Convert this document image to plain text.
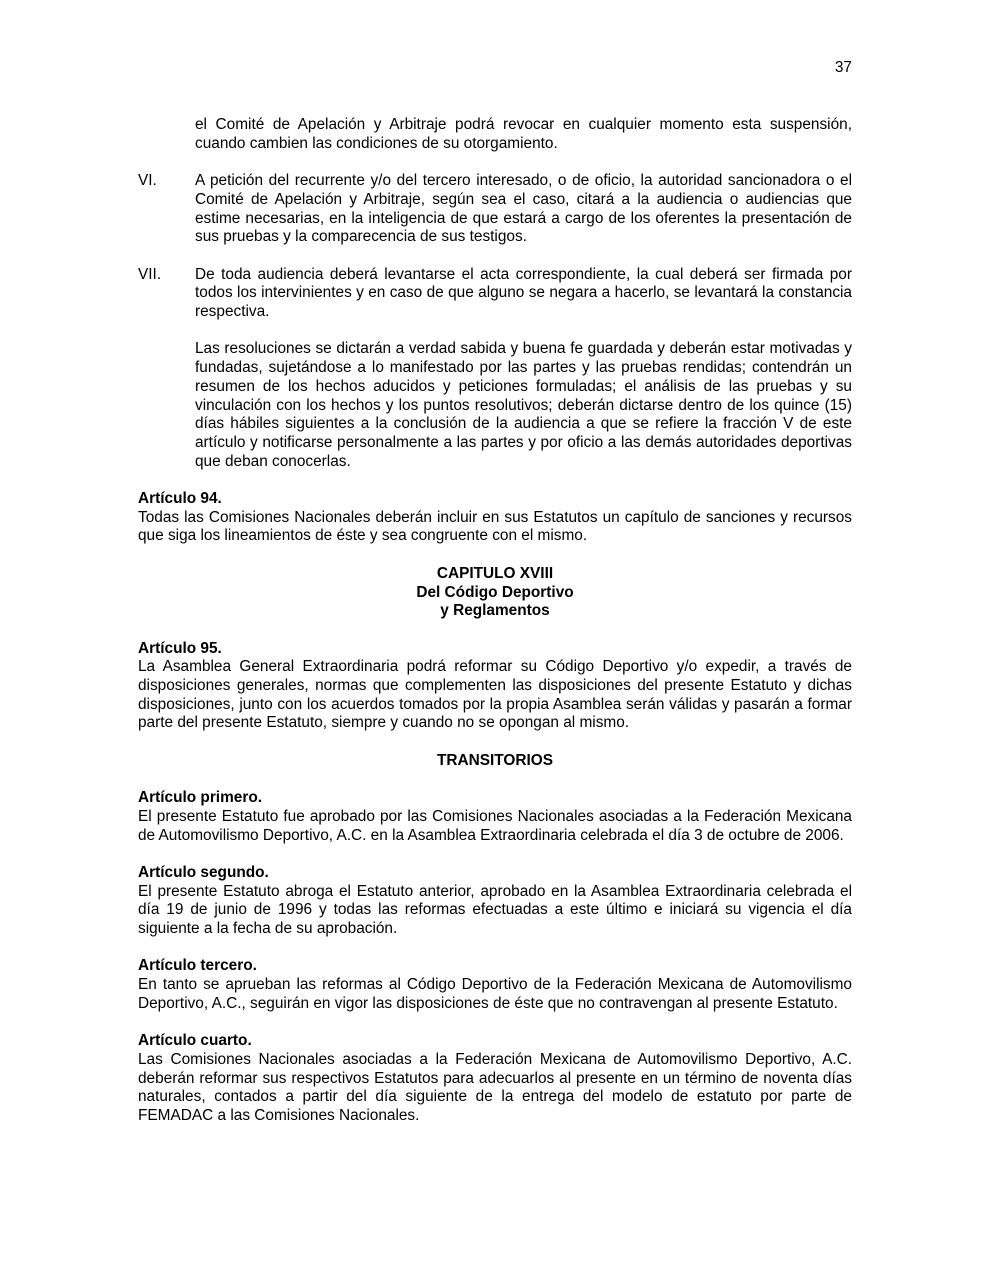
37

el Comité de Apelación y Arbitraje podrá revocar en cualquier momento esta suspensión, cuando cambien las condiciones de su otorgamiento.

VI.	A petición del recurrente y/o del tercero interesado, o de oficio, la autoridad sancionadora o el Comité de Apelación y Arbitraje, según sea el caso, citará a la audiencia o audiencias que estime necesarias, en la inteligencia de que estará a cargo de los oferentes la presentación de sus pruebas y la comparecencia de sus testigos.
VII.	De toda audiencia deberá levantarse el acta correspondiente, la cual deberá ser firmada por todos los intervinientes y en caso de que alguno se negara a hacerlo, se levantará la constancia respectiva.

Las resoluciones se dictarán a verdad sabida y buena fe guardada y deberán estar motivadas y fundadas, sujetándose a lo manifestado por las partes y las pruebas rendidas; contendrán un resumen de los hechos aducidos y peticiones formuladas; el análisis de las pruebas y su vinculación con los hechos y los puntos resolutivos; deberán dictarse dentro de los quince (15) días hábiles siguientes a la conclusión de la audiencia a que se refiere la fracción V de este artículo y notificarse personalmente a las partes y por oficio a las demás autoridades deportivas que deban conocerlas.

Artículo 94.

Todas las Comisiones Nacionales deberán incluir en sus Estatutos un capítulo de sanciones y recursos que siga los lineamientos de éste y sea congruente con el mismo.

CAPITULO XVIII

Del Código Deportivo

y Reglamentos

Artículo 95.

La Asamblea General Extraordinaria podrá reformar su Código Deportivo y/o expedir, a través de disposiciones generales, normas que complementen las disposiciones del presente Estatuto y dichas disposiciones, junto con los acuerdos tomados por la propia Asamblea serán válidas y pasarán a formar parte del presente Estatuto, siempre y cuando no se opongan al mismo.

TRANSITORIOS

Artículo primero.

El presente Estatuto fue aprobado por las Comisiones Nacionales asociadas a la Federación Mexicana de Automovilismo Deportivo, A.C. en la Asamblea Extraordinaria celebrada el día 3 de octubre de 2006.

Artículo segundo.

El presente Estatuto abroga el Estatuto anterior, aprobado en la Asamblea Extraordinaria celebrada el día 19 de junio de 1996 y todas las reformas efectuadas a este último e iniciará su vigencia el día siguiente a la fecha de su aprobación.

Artículo tercero.

En tanto se aprueban las reformas al Código Deportivo de la Federación Mexicana de Automovilismo Deportivo, A.C., seguirán en vigor las disposiciones de éste que no contravengan al presente Estatuto.

Artículo cuarto.

Las Comisiones Nacionales asociadas a la Federación Mexicana de Automovilismo Deportivo, A.C. deberán reformar sus respectivos Estatutos para adecuarlos al presente en un término de noventa días naturales, contados a partir del día siguiente de la entrega del modelo de estatuto por parte de FEMADAC a las Comisiones Nacionales.
